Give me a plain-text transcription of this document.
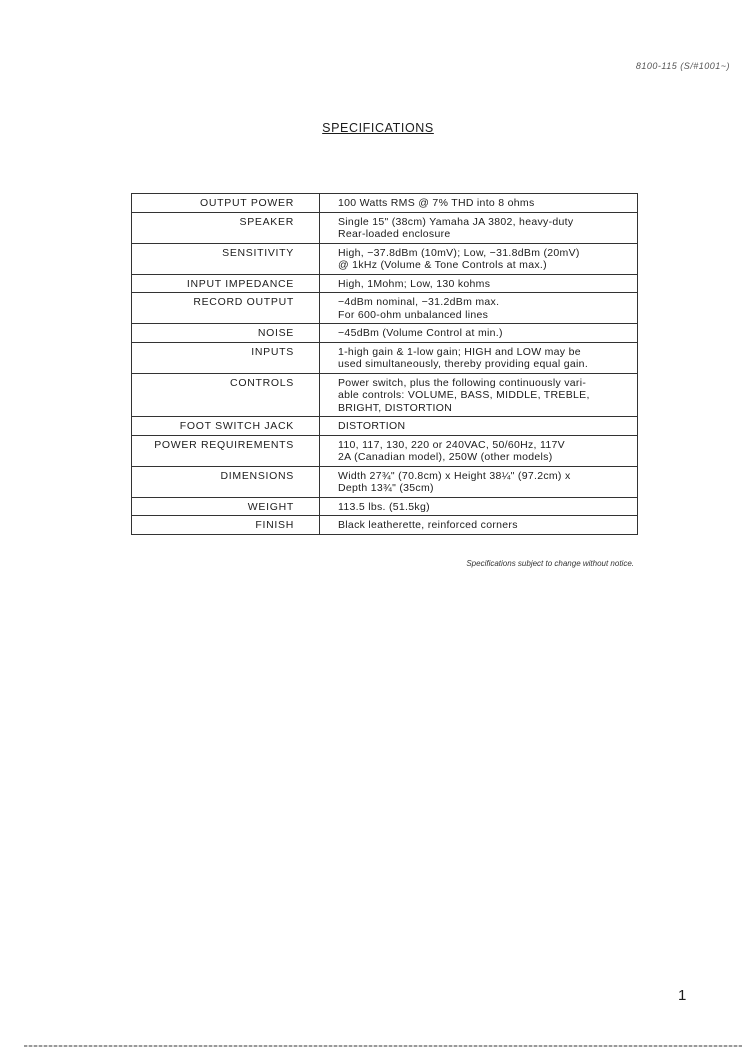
8100-115 (S/#1001~)
SPECIFICATIONS
OUTPUT POWER	100 Watts RMS @ 7% THD into 8 ohms

SPEAKER	Single 15" (38cm) Yamaha JA 3802, heavy-duty
Rear-loaded enclosure

SENSITIVITY	High, −37.8dBm (10mV); Low, −31.8dBm (20mV)
@ 1kHz (Volume & Tone Controls at max.)

INPUT IMPEDANCE	High, 1Mohm; Low, 130 kohms

RECORD OUTPUT	−4dBm nominal, −31.2dBm max.
For 600-ohm unbalanced lines

NOISE	−45dBm (Volume Control at min.)

INPUTS	1-high gain & 1-low gain; HIGH and LOW may be
used simultaneously, thereby providing equal gain.

CONTROLS	Power switch, plus the following continuously vari-
able controls: VOLUME, BASS, MIDDLE, TREBLE,
BRIGHT, DISTORTION

FOOT SWITCH JACK	DISTORTION

POWER REQUIREMENTS	110, 117, 130, 220 or 240VAC, 50/60Hz, 117V
2A (Canadian model), 250W (other models)

DIMENSIONS	Width 27¾" (70.8cm) x Height 38¼" (97.2cm) x
Depth 13¾" (35cm)

WEIGHT	113.5 lbs. (51.5kg)

FINISH	Black leatherette, reinforced corners
Specifications subject to change without notice.
1
